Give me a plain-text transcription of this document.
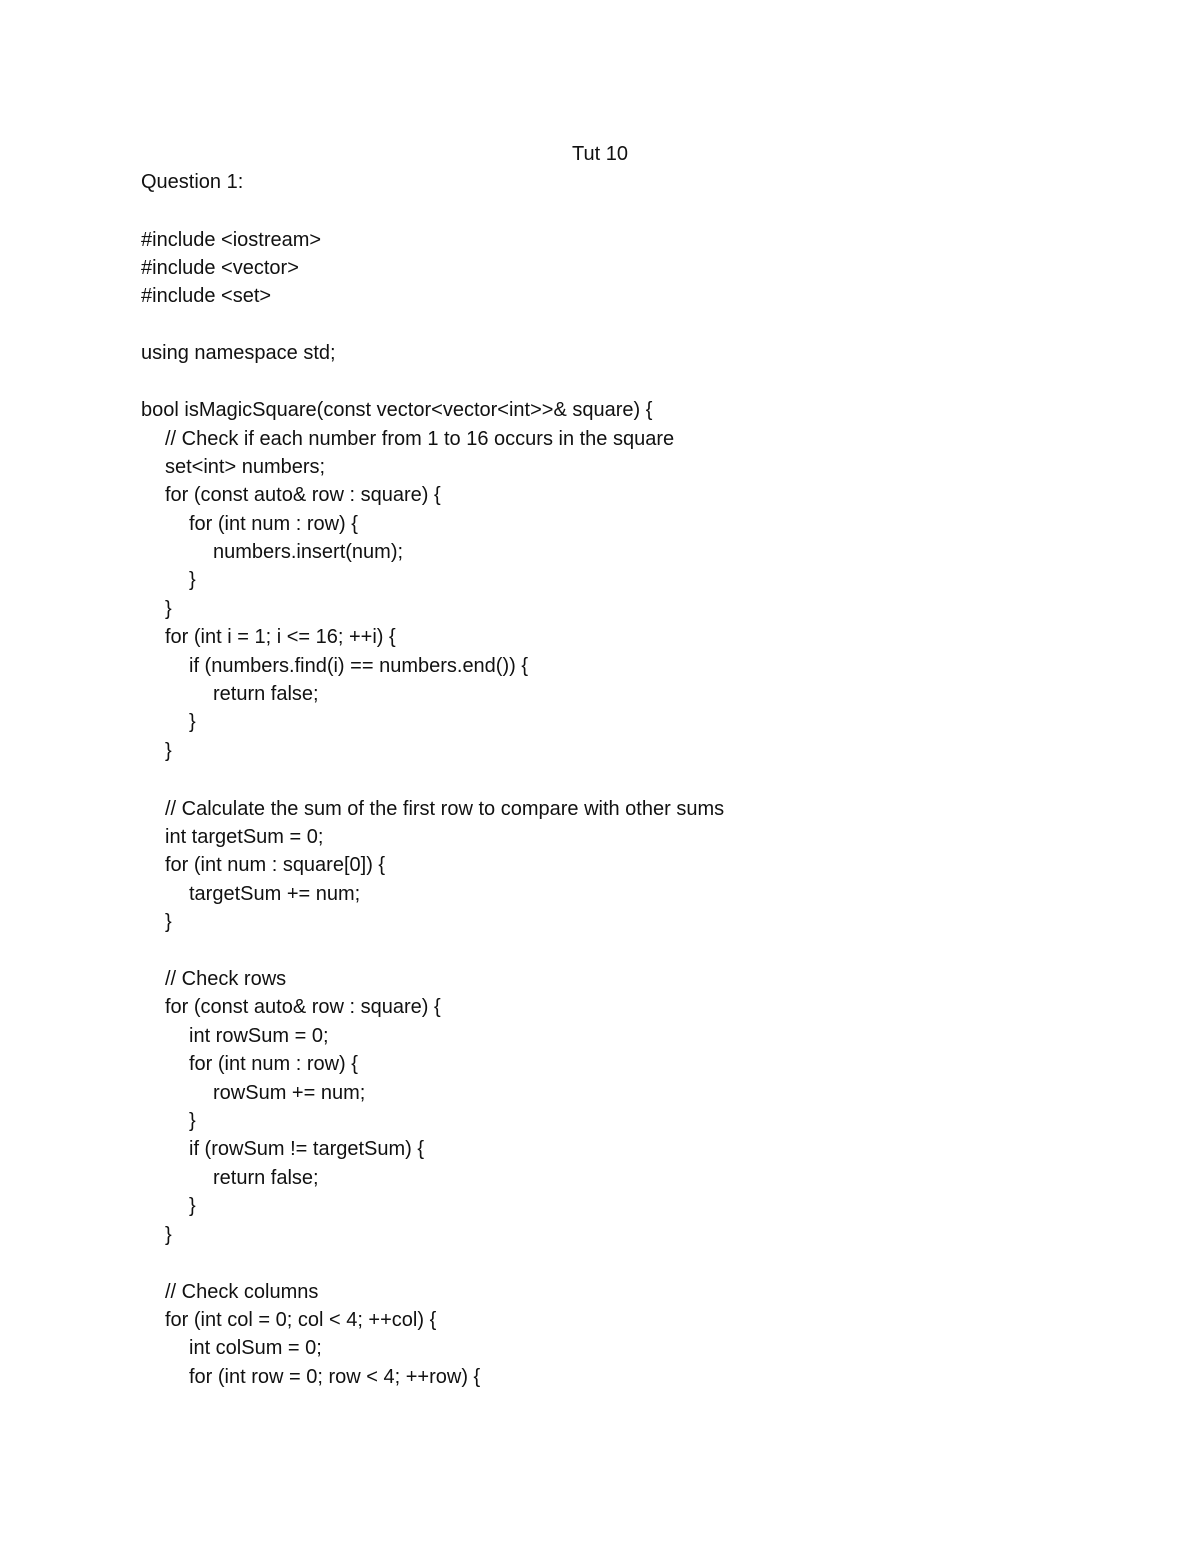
Tut 10
Question 1:
#include <iostream>
#include <vector>
#include <set>
using namespace std;
bool isMagicSquare(const vector<vector<int>>& square) {
// Check if each number from 1 to 16 occurs in the square
set<int> numbers;
for (const auto& row : square) {
for (int num : row) {
numbers.insert(num);
}
}
for (int i = 1; i <= 16; ++i) {
if (numbers.find(i) == numbers.end()) {
return false;
}
}
// Calculate the sum of the first row to compare with other sums
int targetSum = 0;
for (int num : square[0]) {
targetSum += num;
}
// Check rows
for (const auto& row : square) {
int rowSum = 0;
for (int num : row) {
rowSum += num;
}
if (rowSum != targetSum) {
return false;
}
}
// Check columns
for (int col = 0; col < 4; ++col) {
int colSum = 0;
for (int row = 0; row < 4; ++row) {
